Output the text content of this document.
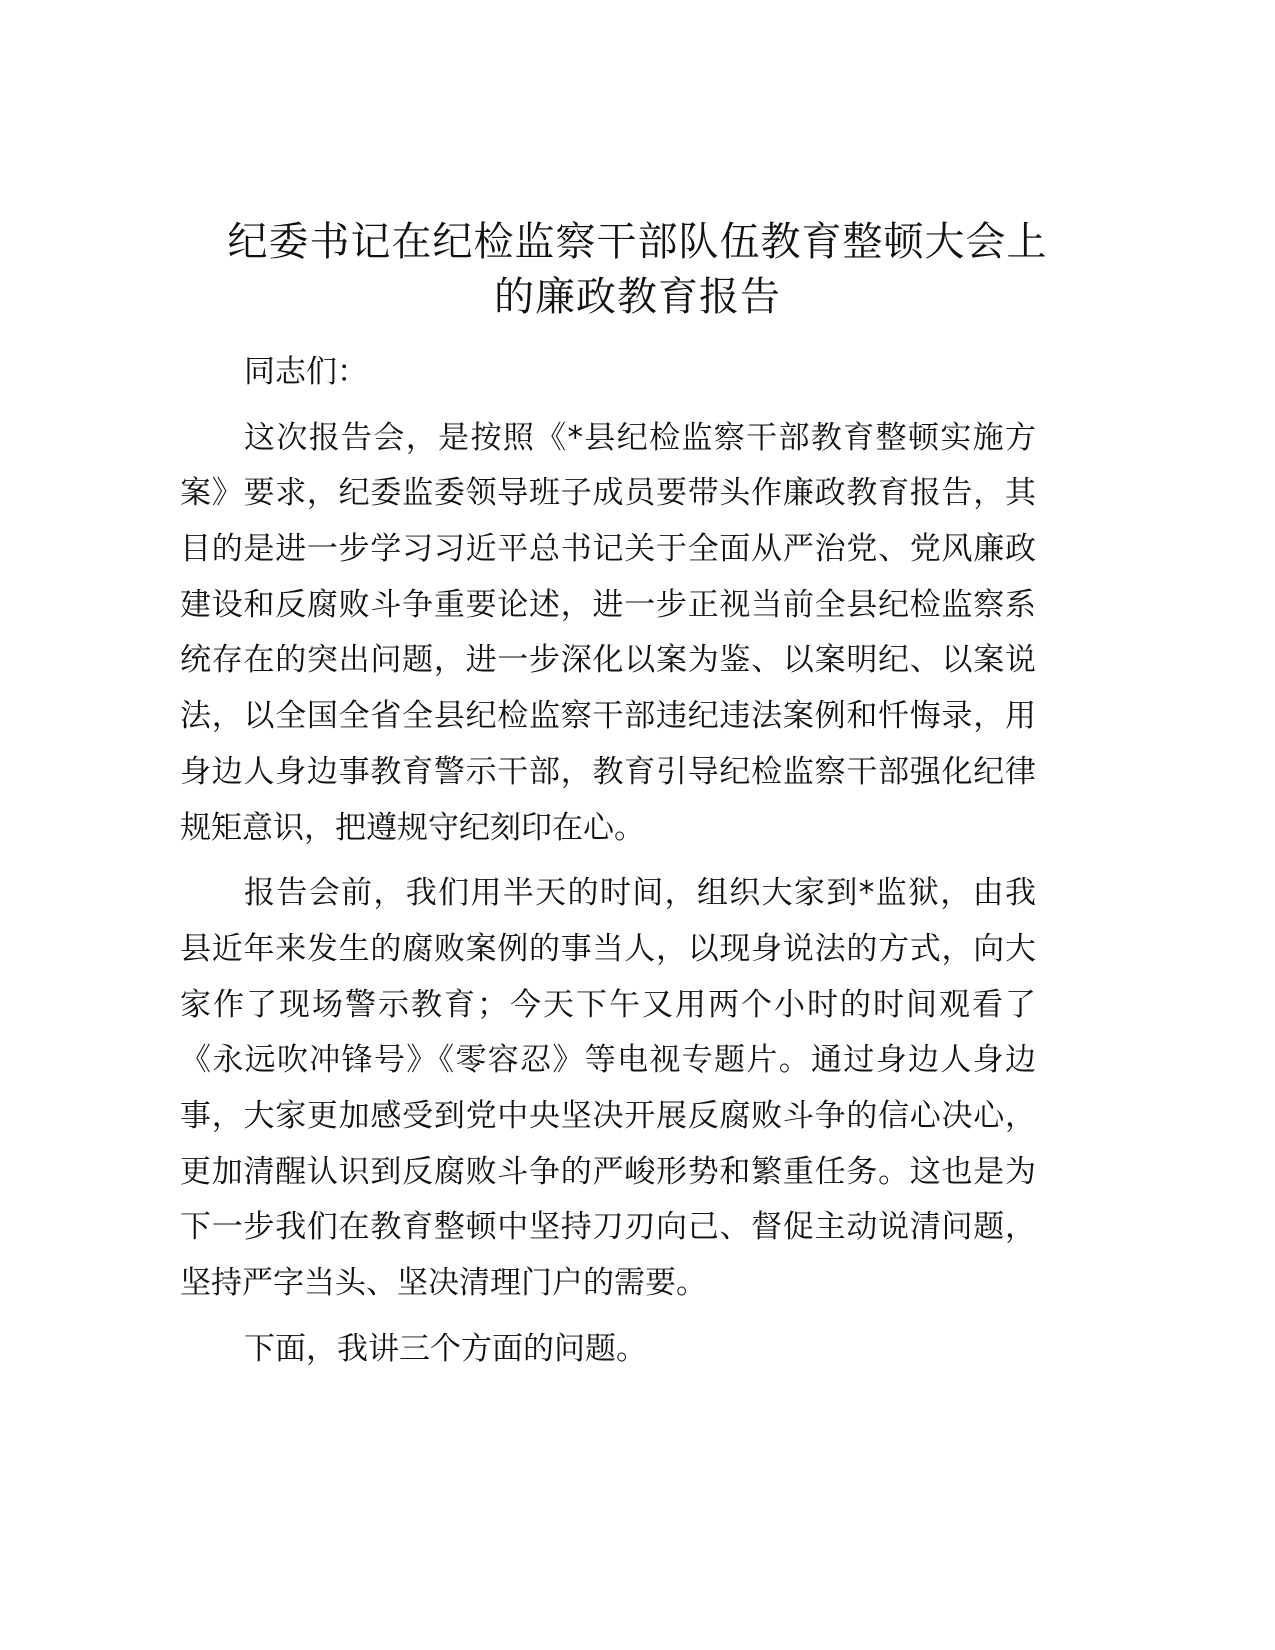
纪委书记在纪检监察干部队伍教育整顿大会上
的廉政教育报告
同志们：
这次报告会，是按照《*县纪检监察干部教育整顿实施方
案》要求，纪委监委领导班子成员要带头作廉政教育报告，其
目的是进一步学习习近平总书记关于全面从严治党、党风廉政
建设和反腐败斗争重要论述，进一步正视当前全县纪检监察系
统存在的突出问题，进一步深化以案为鉴、以案明纪、以案说
法，以全国全省全县纪检监察干部违纪违法案例和忏悔录，用
身边人身边事教育警示干部，教育引导纪检监察干部强化纪律
规矩意识，把遵规守纪刻印在心。
报告会前，我们用半天的时间，组织大家到*监狱，由我
县近年来发生的腐败案例的事当人，以现身说法的方式，向大
家作了现场警示教育；今天下午又用两个小时的时间观看了
《永远吹冲锋号》《零容忍》等电视专题片。通过身边人身边
事，大家更加感受到党中央坚决开展反腐败斗争的信心决心，
更加清醒认识到反腐败斗争的严峻形势和繁重任务。这也是为
下一步我们在教育整顿中坚持刀刃向己、督促主动说清问题，
坚持严字当头、坚决清理门户的需要。
下面，我讲三个方面的问题。
